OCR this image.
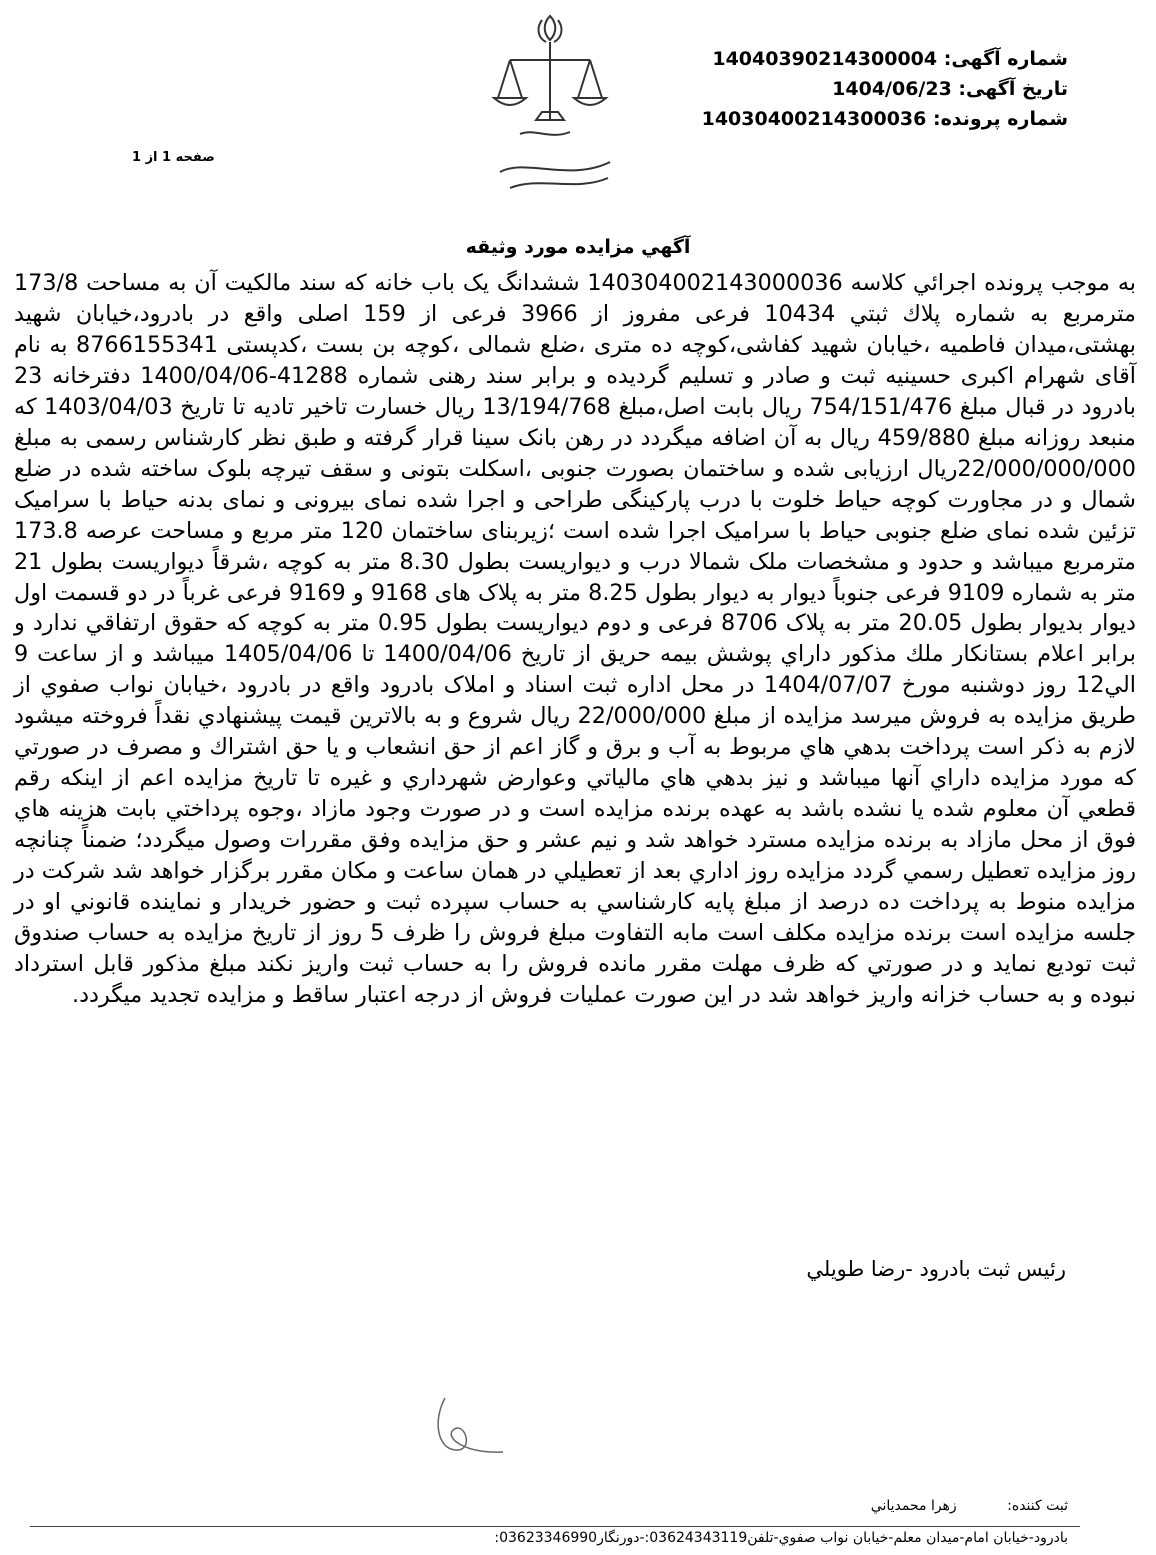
شماره آگهی: 14040390214300004
تاریخ آگهی: 1404/06/23
شماره پرونده: 14030400214300036
صفحه 1 از 1
آگهي مزايده مورد وثيقه
به موجب پرونده اجرائي كلاسه 140304002143000036 ششدانگ یک باب خانه که سند مالکیت آن به مساحت 173/8 مترمربع به شماره پلاك ثبتي 10434 فرعی مفروز از 3966 فرعی از 159 اصلی واقع در بادرود،خیابان شهید بهشتی،میدان فاطمیه ،خیابان شهید کفاشی،کوچه ده متری ،ضلع شمالی ،کوچه بن بست ،کدپستی 8766155341 به نام آقای شهرام اکبری حسینیه ثبت و صادر و تسلیم گردیده و برابر سند رهنی شماره 41288-1400/04/06 دفترخانه 23 بادرود در قبال مبلغ 754/151/476 ریال بابت اصل،مبلغ 13/194/768 ریال خسارت تاخیر تادیه تا تاریخ 1403/04/03 که منبعد روزانه مبلغ 459/880 ریال به آن اضافه میگردد در رهن بانک سینا قرار گرفته و طبق نظر کارشناس رسمی به مبلغ 22/000/000/000ریال ارزیابی شده و ساختمان بصورت جنوبی ،اسکلت بتونی و سقف تیرچه بلوک ساخته شده در ضلع شمال و در مجاورت کوچه حیاط خلوت با درب پارکینگی طراحی و اجرا شده نمای بیرونی و نمای بدنه حیاط با سرامیک تزئین شده نمای ضلع جنوبی حیاط با سرامیک اجرا شده است ؛زیربنای ساختمان 120 متر مربع و مساحت عرصه 173.8 مترمربع میباشد و حدود و مشخصات ملک شمالا درب و دیواریست بطول 8.30 متر به کوچه ،شرقاً دیواریست بطول 21 متر به شماره 9109 فرعی جنوباً دیوار به دیوار بطول 8.25 متر به پلاک های 9168 و 9169 فرعی غرباً در دو قسمت اول دیوار بدیوار بطول 20.05 متر به پلاک 8706 فرعی و دوم دیواریست بطول 0.95 متر به کوچه که حقوق ارتفاقي ندارد و برابر اعلام بستانكار ملك مذكور داراي پوشش بيمه حريق از تاريخ 1400/04/06 تا 1405/04/06 میباشد و از ساعت 9 الي12 روز دوشنبه مورخ 1404/07/07 در محل اداره ثبت اسناد و املاک بادرود واقع در بادرود ،خیابان نواب صفوي از طريق مزايده به فروش ميرسد مزايده از مبلغ 22/000/000 ریال شروع و به بالاترين قيمت پيشنهادي نقداً فروخته ميشود لازم به ذكر است پرداخت بدهي هاي مربوط به آب و برق و گاز اعم از حق انشعاب و يا حق اشتراك و مصرف در صورتي كه مورد مزايده داراي آنها ميباشد و نيز بدهي هاي مالياتي وعوارض شهرداري و غيره تا تاريخ مزايده اعم از اينكه رقم قطعي آن معلوم شده يا نشده باشد به عهده برنده مزايده است و در صورت وجود مازاد ،وجوه پرداختي بابت هزينه هاي فوق از محل مازاد به برنده مزايده مسترد خواهد شد و نيم عشر و حق مزايده وفق مقررات وصول ميگردد؛ ضمناً چنانچه روز مزايده تعطيل رسمي گردد مزايده روز اداري بعد از تعطيلي در همان ساعت و مكان مقرر برگزار خواهد شد شركت در مزايده منوط به پرداخت ده درصد از مبلغ پايه كارشناسي به حساب سپرده ثبت و حضور خريدار و نماينده قانوني او در جلسه مزايده است برنده مزايده مكلف است مابه التفاوت مبلغ فروش را ظرف 5 روز از تاريخ مزايده به حساب صندوق ثبت توديع نمايد و در صورتي كه ظرف مهلت مقرر مانده فروش را به حساب ثبت واريز نكند مبلغ مذكور قابل استرداد نبوده و به حساب خزانه واريز خواهد شد در اين صورت عمليات فروش از درجه اعتبار ساقط و مزايده تجديد ميگردد.
رئيس ثبت بادرود -رضا طويلي
ثبت کننده: زهرا محمدياني
بادرود-خيابان امام-ميدان معلم-خيابان نواب صفوي-تلفن03624343119:-دورنگار03623346990:
